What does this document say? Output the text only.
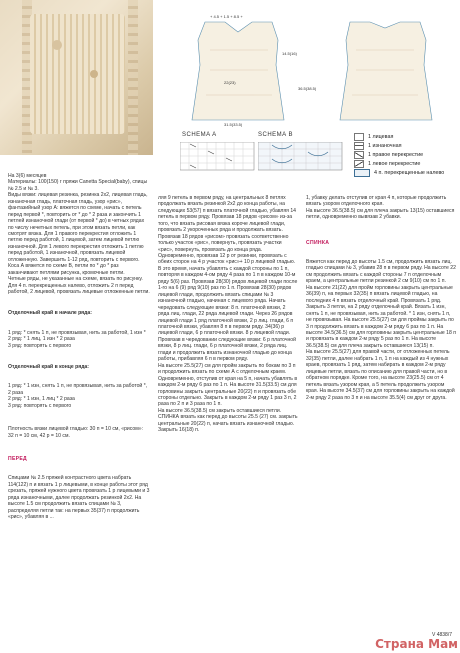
+ 4.5 + 1.5 + 8.5 +
14.5(16)
22(23)
31.5(33.5)
36.5(38.5)
SCHEMA A	SCHEMA B	1 лицевая
1 изнаночная
1 правое перекрестие
1 левое перекрестие
4 п. перекрещенные налево

На 3(6) месяцев
Материалы: 100(150) г пряжи Canetta Special(baby), спицы № 2.5 и № 3.
Виды вязки: лицевая резинка, резинка 2х2, лицевая гладь, изнаночная гладь, платочная гладь, узор «рис», фантазийный узор А: вяжется по схеме, начать с петель перед первой *, повторить от * до * 2 раза и закончить 1 петлей изнаночной глади (от первой * до) в четных рядах по числу нечетных петель, при этом вязать петли, как смотрят вязка. Для 1 правого перекрестия отложить 1 петлю перед работой, 1 лицевой, затем лицевой петлю изнаночной. Для 1 левого перекрестия отложить 1 петлю перед работой, 1 изнаночной, провязать лицевой отложенную. Завершить 1-12 ряд, повторить с первого. Коса А вяжется по схеме В, петли по * до * раз заканчивают петлями рисунка, кромочные петли.
Четные ряды, не указанные на схеме, вязать по рисунку. Для 4 п. перекрещенных налево, отложить 2 п перед работой, 2 лицевой, провязать лицевые отложенные петли.

Отделочный край в начале ряда:

1 ряд: * снять 1 п, не провязывая, нить за работой, 1 изн *
2 ряд: * 1 лиц, 1 изн * 2 раза
3 ряд: повторять с первого

Отделочный край в конце ряда:

1 ряд: * 1 изн, снять 1 п, не провязывая, нить за работой *, 2 раза
2 ряд: * 1 изн, 1 лиц * 2 раза
3 ряд: повторять с первого

Плотность вязки лицевой гладью: 30 п = 10 см, «рисом»: 32 п = 10 см, 42 р = 10 см.

ПЕРЕД

Спицами № 2.5 пряжей контрастного цвета набрать 114(122) п и вязать 1 р лицевыми, в конце работы этот ряд срезать, пряжей нужного цвета провязать 1 р лицевыми и 3 ряда изнаночными, далее продолжать резинкой 2х2. На высоте 1.5 см продолжить вязать спицами № 3, распределяя петли так: на первых 35(37) п продолжить «рис», убавляя в ...

ляя 9 петель в первом ряду, на центральных 8 петлях продолжать вязать резинкой 2х2 до конца работы, на следующих 53(57) п вязать платочной гладью, убавляя 14 петель в первом ряду. Провязав 18 рядов «рисом» из-за того, что вязать рисовая вязка короче лицевой глади, провязать 2 укороченных ряда и продолжать вязать. Провязав 18 рядов «рисом» провязать соответственно только участок «рис», повернуть, провязать участки «рис», повернуть, провязать до конца ряда. Одновременно, провязав 12 р от резинки, провязать с обеих сторон на 4 р участок «рис»+ 10 р лицевой гладью. В это время, начать убавлять с каждой стороны по 1 п, повторяя в каждом 4-ом ряду 4 раза по 1 п в каждом 10-м ряду 5(6) раз. Провязав 28(30) рядов лицевой глади после 1-го на 6 (9) ряд 9(10) раз по 1 п. Провязав 28(30) рядов лицевой глади, продолжить вязать спицами № 3 изнаночной гладью, начиная с лицевого ряда. Начать чередовать следующие вязки: 8 п. платочной вязки, 2 ряда лиц. глади, 22 ряда лицевой глади. Через 26 рядов лицевой глади 1 ряд платочной вязки, 2 р лиц. глади, 6 п платочной вязки, убавляя 8 п в первом ряду. 34(36) р лицевой глади, 6 р платочной вязки. 8 р лицевой глади. Провязав в чередовании следующие вязки: 6 р платочной вязки, 8 р лиц. глади, 6 р платочной вязки, 2 ряда лиц. глади и продолжить вязать изнаночной гладью до конца работы, прибавляя 6 п в первом ряду.
На высоте 25.5(27) см для пройм закрыть по бокам по 3 п и продолжить вязать по схеме А с отделочным краем. Одновременно, отступив от края на 5 п, начать убавлять в каждом 2-м ряду 6 раз по 1 п. На высоте 31.5(33.5) см для горловины закрыть центральные 20(22) п и провязать обе стороны отдельно. Закрыть в каждом 2-м ряду 1 раз 3 п, 2 раза по 2 п и 3 раза по 1 п.
На высоте 36.5(38.5) см закрыть оставшиеся петли.
СПИНКА вязать как перед до высоты 25.5 (27) см. закрыть центральные 20(22) п, начать вязать изнаночной гладью. Закрыть 16(18) п.

1, убавку делать отступив от края 4 п, которые продолжить вязать узором отделочного края.
На высоте 36.5(38.5) см для плеча закрыть 13(15) оставшиеся петли, одновременно вывязав 2 убавки.

СПИНКА

Вяжется как перед до высоты 1.5 см, продолжить вязать лиц. гладью спицами № 3, убавив 28 п в первом ряду. На высоте 22 см продолжить вязать с каждой стороны 7 п отделочным краем, а центральные петли резинкой 2 см 9(10) см по 1 п.
На высоте 21(22) для пройм горловины закрыть центральные 36(39) п, на первых 32(35) п вязать лицевой гладью, на последних 4 п вязать отделочный край. Провязать 1 ряд. Закрыть 3 петли, на 2 ряду отделочный край. Вязать 1 изн, снять 1 п, не провязывая, нить за работой. * 1 изн, снять 1 п, не провязывая. На высоте 25.5(27) см для проймы закрыть по 3 п продолжить вязать в каждом 2-м ряду 6 раз по 1 п. На высоте 34.5(36.5) см для горловины закрыть центральные 18 п и провязать в каждом 2-м ряду 5 раз по 1 п. На высоте 36.5(38.5) см для плеча закрыть оставшиеся 13(15) п.
На высоте 25.5(27) для правой части, от отложенных петель 32(35) петли, далее набрать 1 п, 1 п на каждый из 4 нужных краев, провязать 1 ряд, затем набирать в каждом 2-м ряду лицевые петли, вязать по описанию для правой части, но в обратном порядке. Кроме того, на высоте 23(25.5) см от 4 петель вязать узором края, а 5 петель продолжить узором края. На высоте 34.5(37) см для горловины закрыть на каждой 2-м ряду 2 раза по 3 п и на высоте 35.5(4) см друг от друга.

V 4838/7
Страна Мам
